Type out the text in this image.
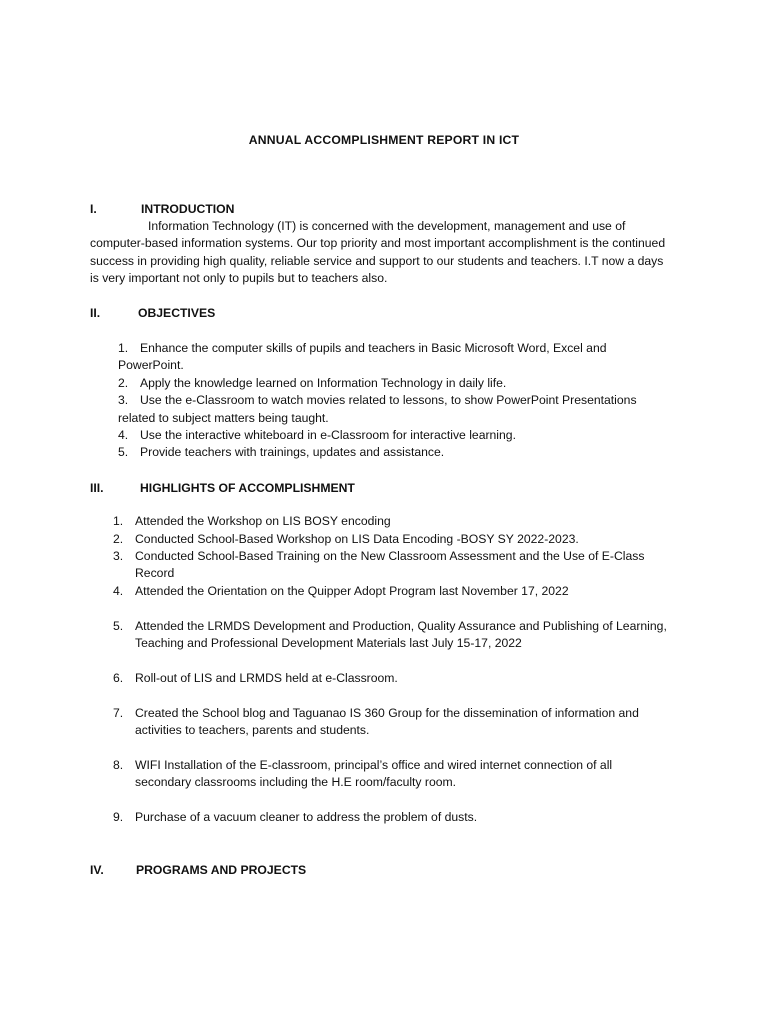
ANNUAL ACCOMPLISHMENT REPORT IN ICT
I.	INTRODUCTION

Information Technology (IT) is concerned with the development, management and use of computer-based information systems. Our top priority and most important accomplishment is the continued success in providing high quality, reliable service and support to our students and teachers. I.T now a days is very important not only to pupils but to teachers also.

II.	OBJECTIVES

1. Enhance the computer skills of pupils and teachers in Basic Microsoft Word, Excel and PowerPoint.

2. Apply the knowledge learned on Information Technology in daily life.

3. Use the e-Classroom to watch movies related to lessons, to show PowerPoint Presentations related to subject matters being taught.

4. Use the interactive whiteboard in e-Classroom for interactive learning.

5. Provide teachers with trainings, updates and assistance.

III.	HIGHLIGHTS OF ACCOMPLISHMENT
1. Attended the Workshop on LIS BOSY encoding
2. Conducted School-Based Workshop on LIS Data Encoding -BOSY SY 2022-2023.
3. Conducted School-Based Training on the New Classroom Assessment and the Use of E-Class Record
4. Attended the Orientation on the Quipper Adopt Program last November 17, 2022
5. Attended the LRMDS Development and Production, Quality Assurance and Publishing of Learning, Teaching and Professional Development Materials last July 15-17, 2022
6. Roll-out of LIS and LRMDS held at e-Classroom.
7. Created the School blog and Taguanao IS 360 Group for the dissemination of information and activities to teachers, parents and students.
8. WIFI Installation of the E-classroom, principal’s office and wired internet connection of all secondary classrooms including the H.E room/faculty room.
9. Purchase of a vacuum cleaner to address the problem of dusts.
IV.	PROGRAMS AND PROJECTS
